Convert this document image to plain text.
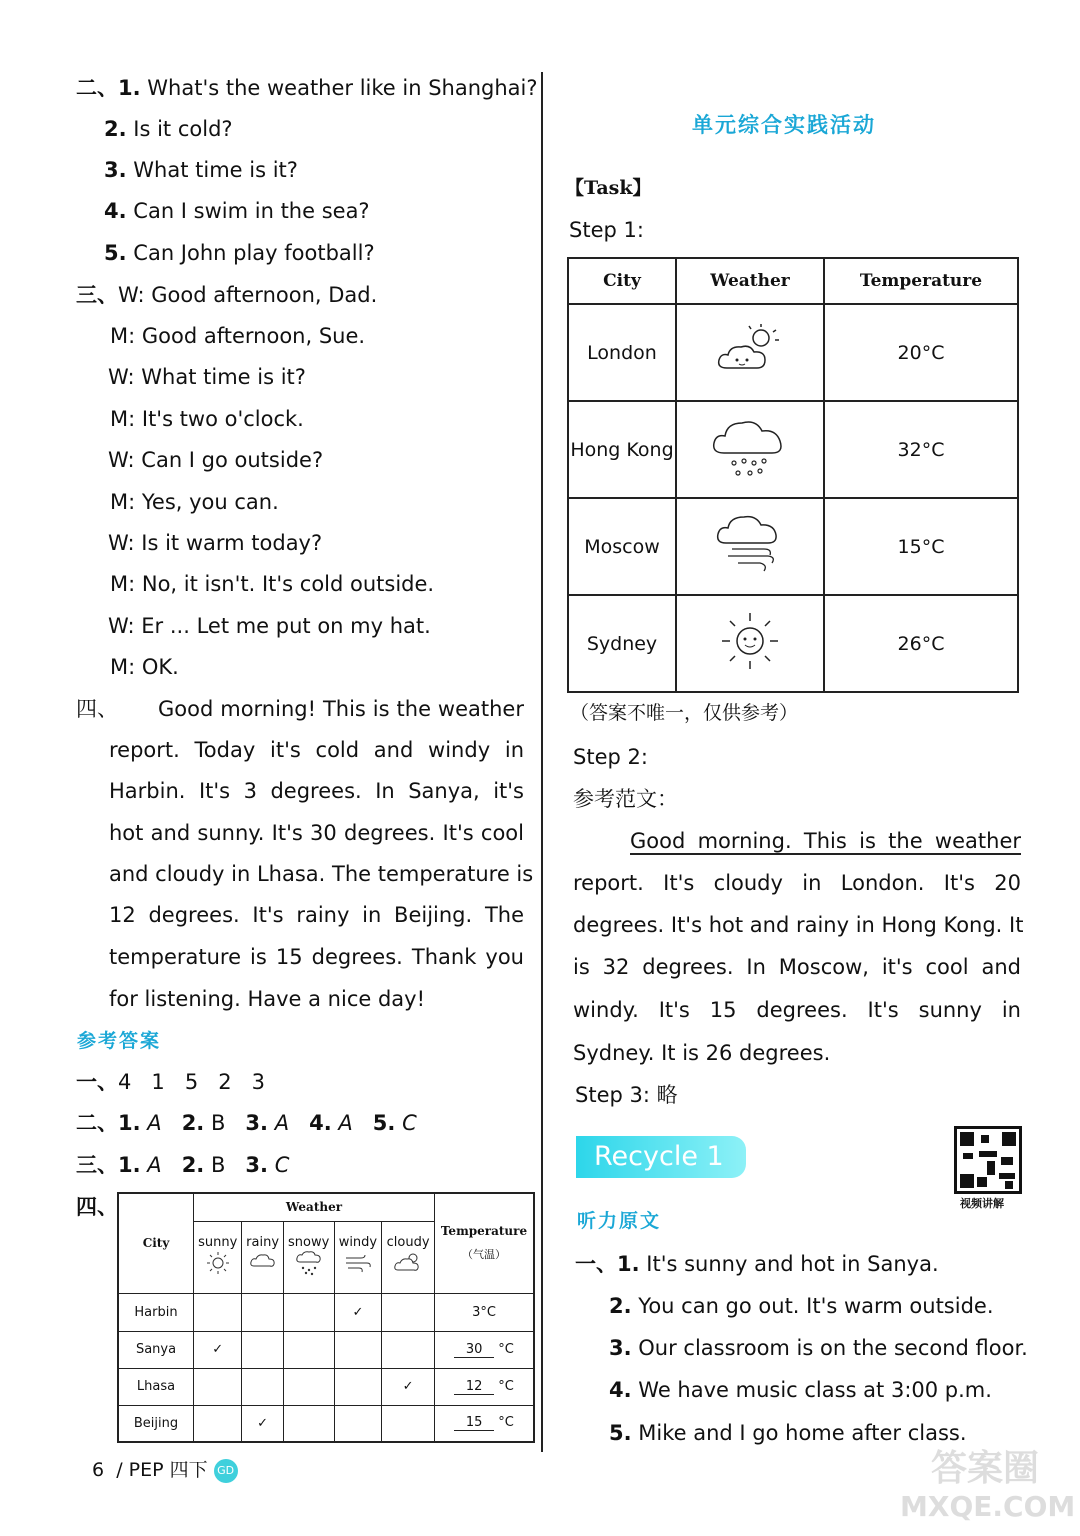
二、1. What's the weather like in Shanghai?
2. Is it cold?
3. What time is it?
4. Can I swim in the sea?
5. Can John play football?
三、W: Good afternoon, Dad.
M: Good afternoon, Sue.
W: What time is it?
M: It's two o'clock.
W: Can I go outside?
M: Yes, you can.
W: Is it warm today?
M: No, it isn't. It's cold outside.
W: Er ... Let me put on my hat.
M: OK.
四、 Good morning! This is the weather
report. Today it's cold and windy in
Harbin. It's 3 degrees. In Sanya, it's
hot and sunny. It's 30 degrees. It's cool
and cloudy in Lhasa. The temperature is
12 degrees. It's rainy in Beijing. The
temperature is 15 degrees. Thank you
for listening. Have a nice day!
参考答案
一、4 1 5 2 3
二、1. A 2. B 3. A 4. A 5. C
三、1. A 2. B 3. C
四、
City	Weather					Temperature
（气温）

	sunny	rainy	snowy	windy	cloudy	

Harbin				✓		3°C
Sanya	✓					30 °C
Lhasa					✓	12 °C
Beijing		✓				15 °C
6 / PEP 四下 GD
单元综合实践活动
【Task】
Step 1:
City	Weather	Temperature
London		20°C
Hong Kong		32°C
Moscow		15°C
Sydney		26°C
（答案不唯一，仅供参考）
Step 2:
参考范文：
Good morning. This is the weather
report. It's cloudy in London. It's 20
degrees. It's hot and rainy in Hong Kong. It
is 32 degrees. In Moscow, it's cool and
windy. It's 15 degrees. It's sunny in
Sydney. It is 26 degrees.
Step 3: 略
Recycle 1
视频讲解
听力原文
一、1. It's sunny and hot in Sanya.
2. You can go out. It's warm outside.
3. Our classroom is on the second floor.
4. We have music class at 3:00 p.m.
5. Mike and I go home after class.
答案圈
MXQE.COM
